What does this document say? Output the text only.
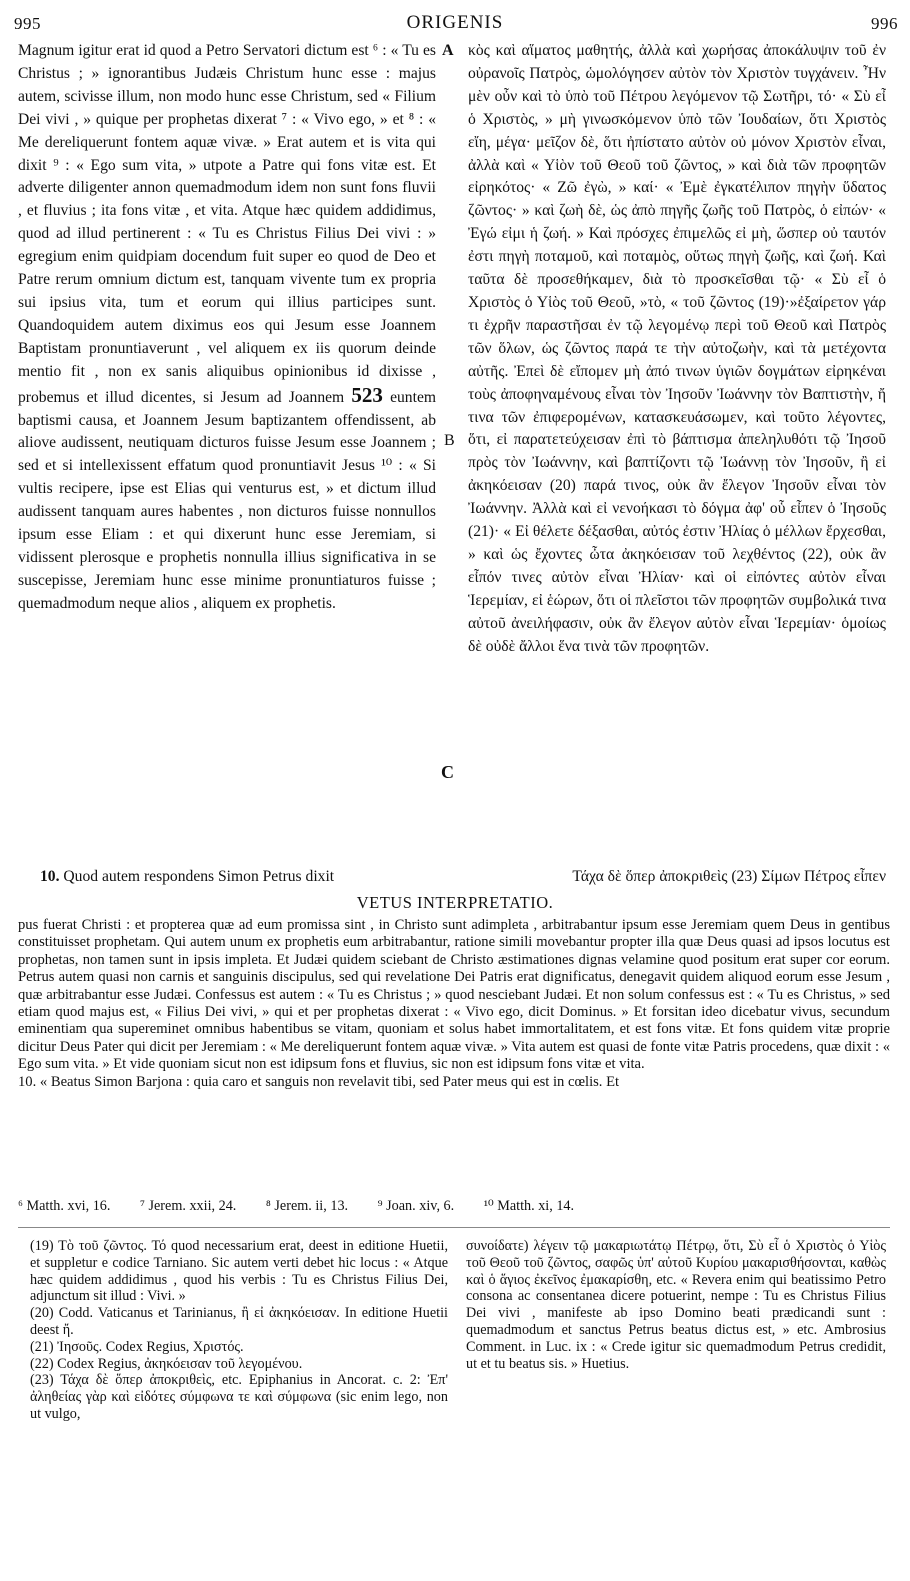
995	ORIGENIS	996
Magnum igitur erat id quod a Petro Servatori dictum est ⁶ : « Tu es Christus ; » ignorantibus Judæis Christum hunc esse : majus autem, scivisse illum, non modo hunc esse Christum, sed « Filium Dei vivi , » quique per prophetas dixerat ⁷ : « Vivo ego, » et ⁸ : « Me dereliquerunt fontem aquæ vivæ. » Erat autem et is vita qui dixit ⁹ : « Ego sum vita, » utpote a Patre qui fons vitæ est. Et adverte diligenter annon quemadmodum idem non sunt fons fluvii , et fluvius ; ita fons vitæ , et vita. Atque hæc quidem addidimus, quod ad illud pertinerent : « Tu es Christus Filius Dei vivi : » egregium enim quidpiam docendum fuit super eo quod de Deo et Patre rerum omnium dictum est, tanquam vivente tum ex propria sui ipsius vita, tum et eorum qui illius participes sunt. Quandoquidem autem diximus eos qui Jesum esse Joannem Baptistam pronuntiaverunt , vel aliquem ex iis quorum deinde mentio fit , non ex sanis aliquibus opinionibus id dixisse , probemus et illud dicentes, si Jesum ad Joannem 523 euntem baptismi causa, et Joannem Jesum baptizantem offendissent, ab aliove audissent, neutiquam dicturos fuisse Jesum esse Joannem ; sed et si intellexissent effatum quod pronuntiavit Jesus ¹⁰ : « Si vultis recipere, ipse est Elias qui venturus est, » et dictum illud audissent tanquam aures habentes , non dicturos fuisse nonnullos ipsum esse Eliam : et qui dixerunt hunc esse Jeremiam, si vidissent plerosque e prophetis nonnulla illius significativa in se suscepisse, Jeremiam hunc esse minime pronuntiaturos fuisse ; quemadmodum neque alios , aliquem ex prophetis.
A
B
C
κὸς καὶ αἵματος μαθητής, ἀλλὰ καὶ χωρήσας ἀποκάλυψιν τοῦ ἐν οὐρανοῖς Πατρὸς, ὡμολόγησεν αὐτὸν τὸν Χριστὸν τυγχάνειν. Ἦν μὲν οὖν καὶ τὸ ὑπὸ τοῦ Πέτρου λεγόμενον τῷ Σωτῆρι, τό· « Σὺ εἶ ὁ Χριστὸς, » μὴ γινωσκόμενον ὑπὸ τῶν Ἰουδαίων, ὅτι Χριστὸς εἴη, μέγα· μεῖζον δὲ, ὅτι ἠπίστατο αὐτὸν οὐ μόνον Χριστὸν εἶναι, ἀλλὰ καὶ « Υἱὸν τοῦ Θεοῦ τοῦ ζῶντος, » καὶ διὰ τῶν προφητῶν εἰρηκότος· « Ζῶ ἐγὼ, » καί· « Ἐμὲ ἐγκατέλιπον πηγὴν ὕδατος ζῶντος· » καὶ ζωὴ δὲ, ὡς ἀπὸ πηγῆς ζωῆς τοῦ Πατρὸς, ὁ εἰπών· « Ἐγώ εἰμι ἡ ζωή. » Καὶ πρόσχες ἐπιμελῶς εἰ μὴ, ὥσπερ οὐ ταυτόν ἐστι πηγὴ ποταμοῦ, καὶ ποταμὸς, οὕτως πηγὴ ζωῆς, καὶ ζωή. Καὶ ταῦτα δὲ προσεθήκαμεν, διὰ τὸ προσκεῖσθαι τῷ· « Σὺ εἶ ὁ Χριστὸς ὁ Υἱὸς τοῦ Θεοῦ, »τὸ, « τοῦ ζῶντος (19)·»ἐξαίρετον γάρ τι ἐχρῆν παραστῆσαι ἐν τῷ λεγομένῳ περὶ τοῦ Θεοῦ καὶ Πατρὸς τῶν ὅλων, ὡς ζῶντος παρά τε τὴν αὐτοζωὴν, καὶ τὰ μετέχοντα αὐτῆς. Ἐπεὶ δὲ εἴπομεν μὴ ἀπό τινων ὑγιῶν δογμάτων εἰρηκέναι τοὺς ἀποφηναμένους εἶναι τὸν Ἰησοῦν Ἰωάννην τὸν Βαπτιστὴν, ἤ τινα τῶν ἐπιφερομένων, κατασκευάσωμεν, καὶ τοῦτο λέγοντες, ὅτι, εἰ παρατετεύχεισαν ἐπὶ τὸ βάπτισμα ἀπεληλυθότι τῷ Ἰησοῦ πρὸς τὸν Ἰωάννην, καὶ βαπτίζοντι τῷ Ἰωάννῃ τὸν Ἰησοῦν, ἢ εἰ ἀκηκόεισαν (20) παρά τινος, οὐκ ἂν ἔλεγον Ἰησοῦν εἶναι τὸν Ἰωάννην. Ἀλλὰ καὶ εἰ νενοήκασι τὸ δόγμα ἀφ' οὗ εἶπεν ὁ Ἰησοῦς (21)· « Εἰ θέλετε δέξασθαι, αὐτός ἐστιν Ἠλίας ὁ μέλλων ἔρχεσθαι, » καὶ ὡς ἔχοντες ὦτα ἀκηκόεισαν τοῦ λεχθέντος (22), οὐκ ἂν εἶπόν τινες αὐτὸν εἶναι Ἠλίαν· καὶ οἱ εἰπόντες αὐτὸν εἶναι Ἱερεμίαν, εἰ ἑώρων, ὅτι οἱ πλεῖστοι τῶν προφητῶν συμβολικά τινα αὐτοῦ ἀνειλήφασιν, οὐκ ἂν ἔλεγον αὐτὸν εἶναι Ἱερεμίαν· ὁμοίως δὲ οὐδὲ ἄλλοι ἕνα τινὰ τῶν προφητῶν.
10. Quod autem respondens Simon Petrus dixit	Τάχα δὲ ὅπερ ἀποκριθεὶς (23) Σίμων Πέτρος εἶπεν
VETUS INTERPRETATIO.

pus fuerat Christi : et propterea quæ ad eum promissa sint , in Christo sunt adimpleta , arbitrabantur ipsum esse Jeremiam quem Deus in gentibus constituisset prophetam. Qui autem unum ex prophetis eum arbitrabantur, ratione simili movebantur propter illa quæ Deus quasi ad ipsos locutus est prophetas, non tamen sunt in ipsis impleta. Et Judæi quidem sciebant de Christo æstimationes dignas velamine quod positum erat super cor eorum. Petrus autem quasi non carnis et sanguinis discipulus, sed qui revelatione Dei Patris erat dignificatus, denegavit quidem aliquod eorum esse Jesum , quæ arbitrabantur esse Judæi. Confessus est autem : « Tu es Christus ; » quod nesciebant Judæi. Et non solum confessus est : « Tu es Christus, » sed etiam quod majus est, « Filius Dei vivi, » qui et per prophetas dixerat : « Vivo ego, dicit Dominus. » Et forsitan ideo dicebatur vivus, secundum eminentiam qua supereminet omnibus habentibus se vitam, quoniam et solus habet immortalitatem, et est fons vitæ. Et fons quidem vitæ proprie dicitur Deus Pater qui dicit per Jeremiam : « Me dereliquerunt fontem aquæ vivæ. » Vita autem est quasi de fonte vitæ Patris procedens, quæ dixit : « Ego sum vita. » Et vide quoniam sicut non est idipsum fons et fluvius, sic non est idipsum fons vitæ et vita.

10. « Beatus Simon Barjona : quia caro et sanguis non revelavit tibi, sed Pater meus qui est in cœlis. Et

⁶ Matth. xvi, 16. ⁷ Jerem. xxii, 24. ⁸ Jerem. ii, 13. ⁹ Joan. xiv, 6. ¹⁰ Matth. xi, 14.

(19) Τὸ τοῦ ζῶντος. Τό quod necessarium erat, deest in editione Huetii, et suppletur e codice Tarniano. Sic autem verti debet hic locus : « Atque hæc quidem addidimus , quod his verbis : Tu es Christus Filius Dei, adjunctum sit illud : Vivi. »

(20) Codd. Vaticanus et Tarinianus, ἢ εἰ ἀκηκόεισαν. In editione Huetii deest ἤ.

(21) Ἰησοῦς. Codex Regius, Χριστός.

(22) Codex Regius, ἀκηκόεισαν τοῦ λεγομένου.

(23) Τάχα δὲ ὅπερ ἀποκριθεὶς, etc. Epiphanius in Ancorat. c. 2: Ἐπ' ἀληθείας γὰρ καὶ εἰδότες σύμφωνα τε καὶ σύμφωνα (sic enim lego, non ut vulgo,

συνοίδατε) λέγειν τῷ μακαριωτάτῳ Πέτρῳ, ὅτι, Σὺ εἶ ὁ Χριστὸς ὁ Υἱὸς τοῦ Θεοῦ τοῦ ζῶντος, σαφῶς ὑπ' αὐτοῦ Κυρίου μακαρισθήσονται, καθὼς καὶ ὁ ἅγιος ἐκεῖνος ἐμακαρίσθη, etc. « Revera enim qui beatissimo Petro consona ac consentanea dicere potuerint, nempe : Tu es Christus Filius Dei vivi , manifeste ab ipso Domino beati prædicandi sunt : quemadmodum et sanctus Petrus beatus dictus est, » etc. Ambrosius Comment. in Luc. ix : « Crede igitur sic quemadmodum Petrus credidit, ut et tu beatus sis. » Huetius.
